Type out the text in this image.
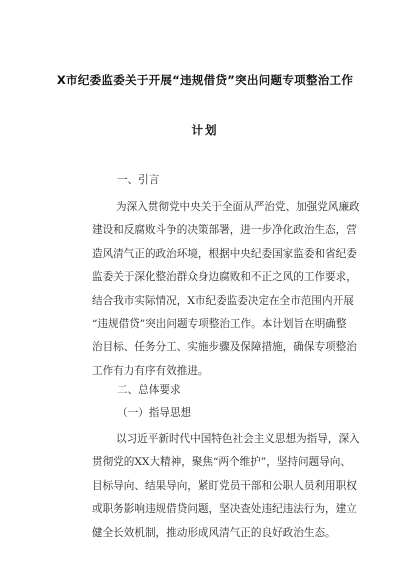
X市纪委监委关于开展“违规借贷”突出问题专项整治工作
计划
一、引言
为深入贯彻党中央关于全面从严治党、加强党风廉政
建设和反腐败斗争的决策部署，进一步净化政治生态，营
造风清气正的政治环境，根据中央纪委国家监委和省纪委
监委关于深化整治群众身边腐败和不正之风的工作要求，
结合我市实际情况，X市纪委监委决定在全市范围内开展
“违规借贷”突出问题专项整治工作。本计划旨在明确整
治目标、任务分工、实施步骤及保障措施，确保专项整治
工作有力有序有效推进。
二、总体要求
（一）指导思想
以习近平新时代中国特色社会主义思想为指导，深入
贯彻党的XX大精神，聚焦“两个维护”，坚持问题导向、
目标导向、结果导向，紧盯党员干部和公职人员利用职权
或职务影响违规借贷问题，坚决查处违纪违法行为，建立
健全长效机制，推动形成风清气正的良好政治生态。
